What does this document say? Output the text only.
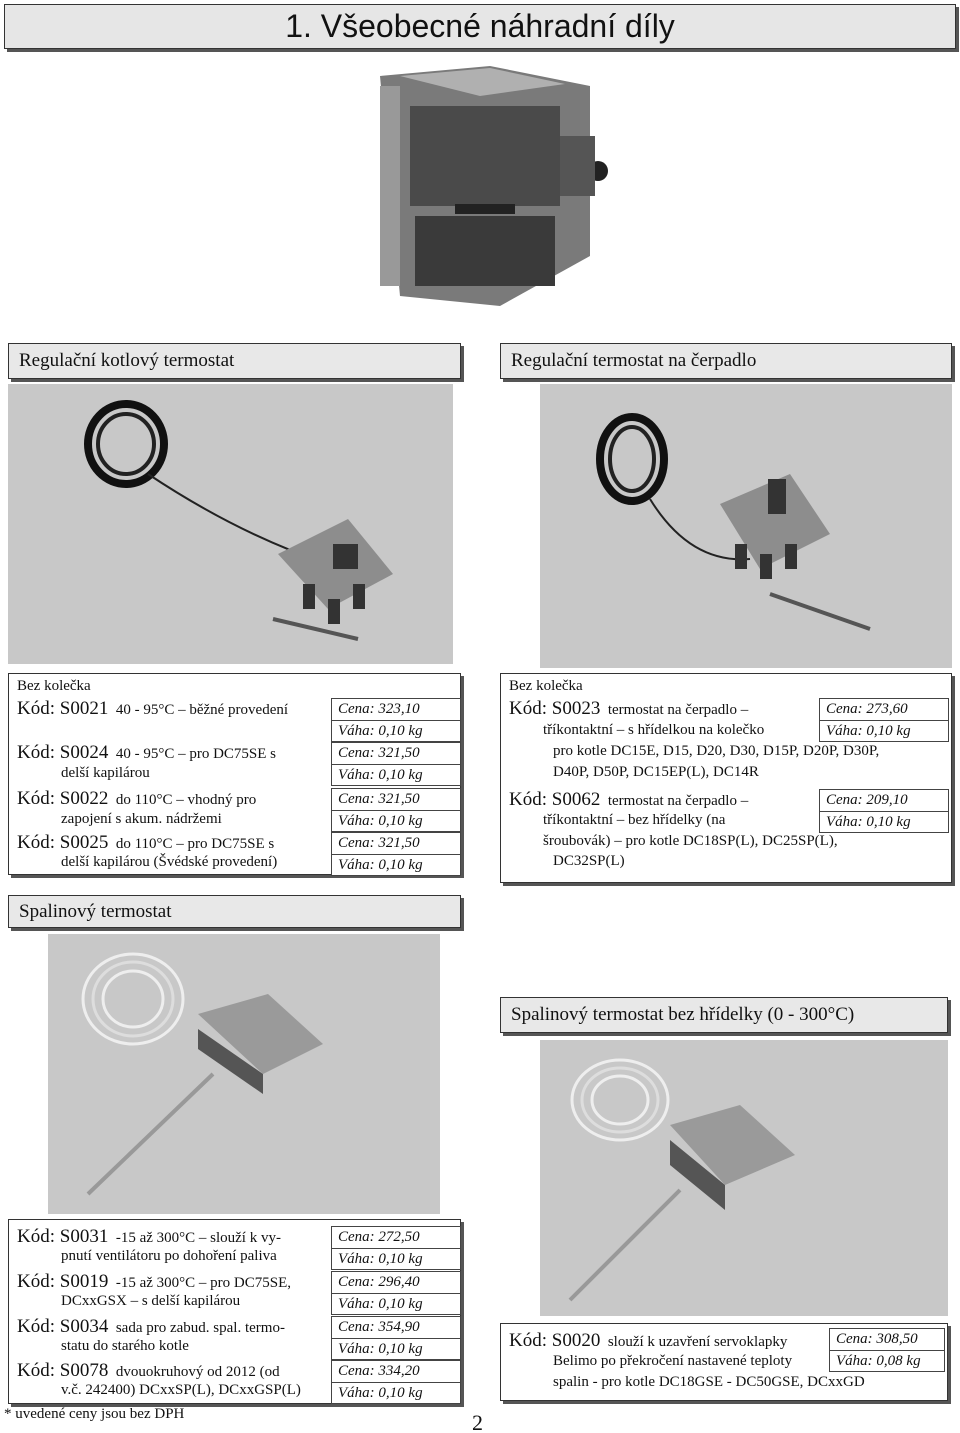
1. Všeobecné náhradní díly
Regulační kotlový termostat
Bez kolečka
Kód: S0021 40 - 95°C – běžné provedení	Cena: 323,10
Váha: 0,10 kg
Kód: S0024 40 - 95°C – pro DC75SE s
delší kapilárou
Cena: 321,50
Váha: 0,10 kg
Kód: S0022 do 110°C – vhodný pro
zapojení s akum. nádržemi
Cena: 321,50
Váha: 0,10 kg
Kód: S0025 do 110°C – pro DC75SE s
delší kapilárou (Švédské provedení)
Cena: 321,50
Váha: 0,10 kg
Regulační termostat na čerpadlo
Bez kolečka
Kód: S0023 termostat na čerpadlo –
tříkontaktní – s hřídelkou na kolečko
pro kotle DC15E, D15, D20, D30, D15P, D20P, D30P,
D40P, D50P, DC15EP(L), DC14R
Cena: 273,60
Váha: 0,10 kg
Kód: S0062 termostat na čerpadlo –
tříkontaktní – bez hřídelky (na
šroubovák) – pro kotle DC18SP(L), DC25SP(L),
DC32SP(L)
Cena: 209,10
Váha: 0,10 kg
Spalinový termostat
Kód: S0031 -15 až 300°C – slouží k vy-
pnutí ventilátoru po dohoření paliva
Cena: 272,50
Váha: 0,10 kg
Kód: S0019 -15 až 300°C – pro DC75SE,
DCxxGSX – s delší kapilárou
Cena: 296,40
Váha: 0,10 kg
Kód: S0034 sada pro zabud. spal. termo-
statu do starého kotle
Cena: 354,90
Váha: 0,10 kg
Kód: S0078 dvouokruhový od 2012 (od
v.č. 242400) DCxxSP(L), DCxxGSP(L)
Cena: 334,20
Váha: 0,10 kg
Spalinový termostat bez hřídelky (0 - 300°C)
Kód: S0020 slouží k uzavření servoklapky
Belimo po překročení nastavené teploty
spalin - pro kotle DC18GSE - DC50GSE, DCxxGD
Cena: 308,50
Váha: 0,08 kg
* uvedené ceny jsou bez DPH	2
